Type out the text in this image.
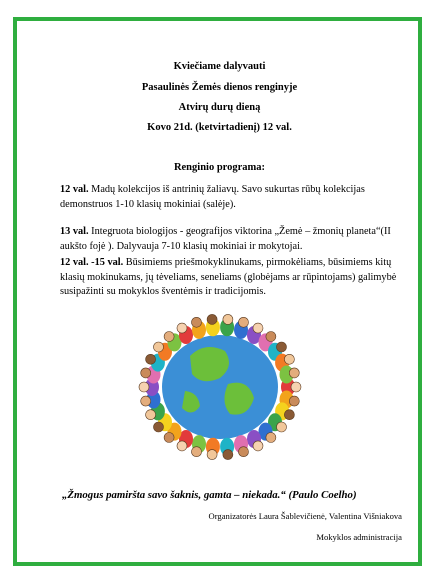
Kviečiame dalyvauti
Pasaulinės Žemės dienos renginyje
Atvirų durų dieną
Kovo 21d. (ketvirtadienį) 12 val.
Renginio programa:
12 val. Madų kolekcijos iš antrinių žaliavų. Savo sukurtas rūbų kolekcijas demonstruos 1-10 klasių mokiniai (salėje).
13 val. Integruota biologijos - geografijos viktorina „Žemė – žmonių planeta“(II aukšto fojė ). Dalyvauja 7-10 klasių mokiniai ir mokytojai.
12 val. -15 val. Būsimiems priešmokyklinukams, pirmokėliams, būsimiems kitų klasių mokinukams, jų tėveliams, seneliams (globėjams ar rūpintojams) galimybė susipažinti su mokyklos šventėmis ir tradicijomis.
„Žmogus pamiršta savo šaknis, gamta – niekada.“ (Paulo Coelho)
Organizatorės Laura Šablevičienė, Valentina Višniakova
Mokyklos administracija
